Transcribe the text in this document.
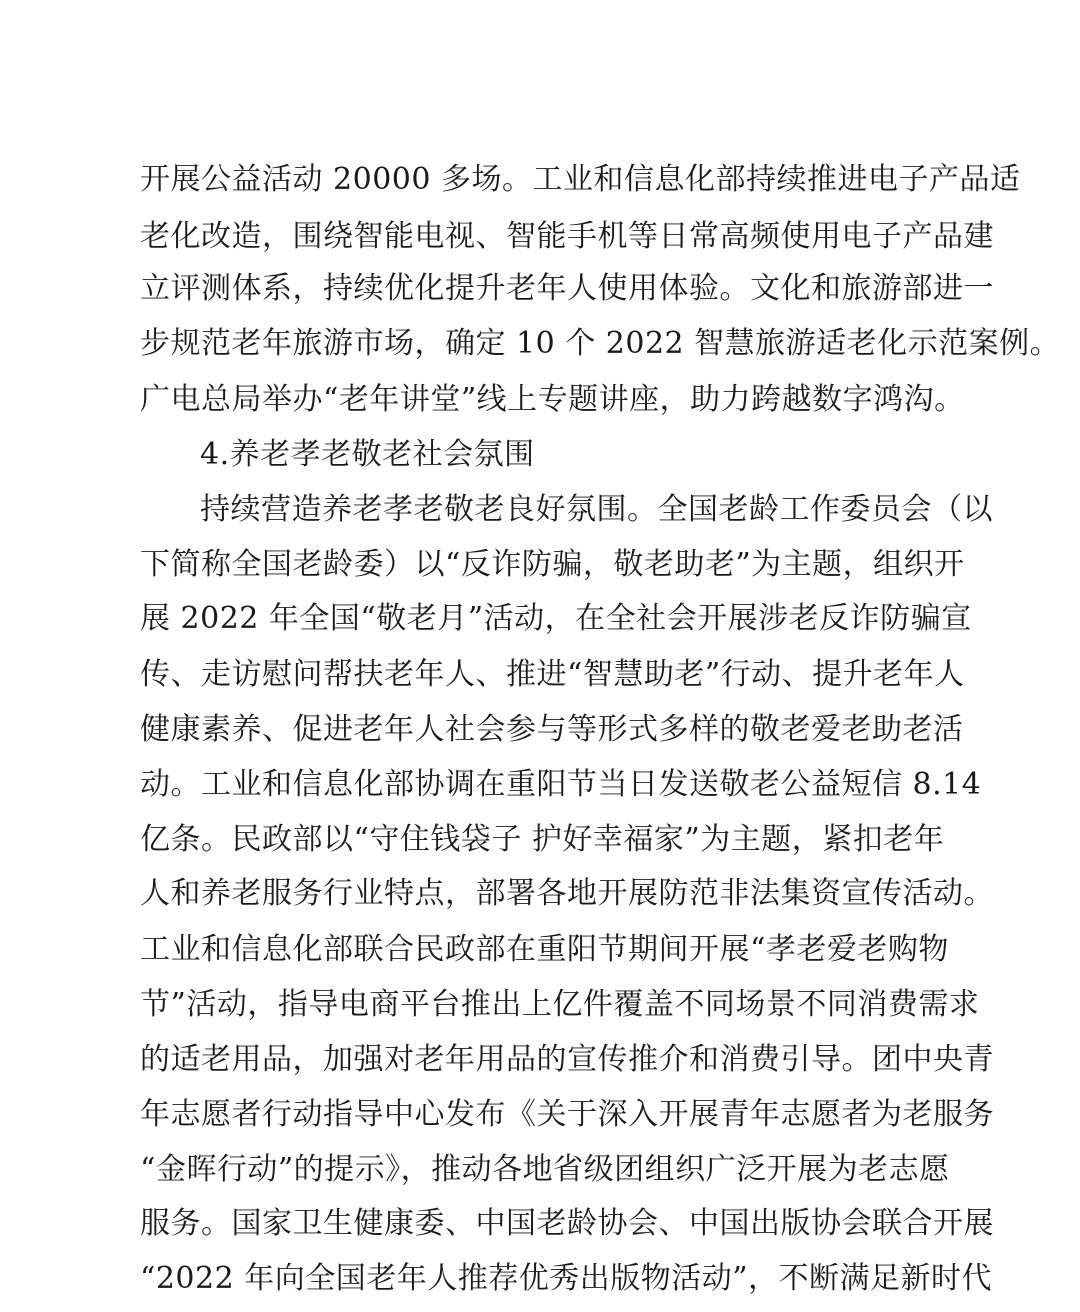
开展公益活动 20000 多场。工业和信息化部持续推进电子产品适
老化改造，围绕智能电视、智能手机等日常高频使用电子产品建
立评测体系，持续优化提升老年人使用体验。文化和旅游部进一
步规范老年旅游市场，确定 10 个 2022 智慧旅游适老化示范案例。
广电总局举办“老年讲堂”线上专题讲座，助力跨越数字鸿沟。
4.养老孝老敬老社会氛围
持续营造养老孝老敬老良好氛围。全国老龄工作委员会（以
下简称全国老龄委）以“反诈防骗，敬老助老”为主题，组织开
展 2022 年全国“敬老月”活动，在全社会开展涉老反诈防骗宣
传、走访慰问帮扶老年人、推进“智慧助老”行动、提升老年人
健康素养、促进老年人社会参与等形式多样的敬老爱老助老活
动。工业和信息化部协调在重阳节当日发送敬老公益短信 8.14
亿条。民政部以“守住钱袋子 护好幸福家”为主题，紧扣老年
人和养老服务行业特点，部署各地开展防范非法集资宣传活动。
工业和信息化部联合民政部在重阳节期间开展“孝老爱老购物
节”活动，指导电商平台推出上亿件覆盖不同场景不同消费需求
的适老用品，加强对老年用品的宣传推介和消费引导。团中央青
年志愿者行动指导中心发布《关于深入开展青年志愿者为老服务
“金晖行动”的提示》，推动各地省级团组织广泛开展为老志愿
服务。国家卫生健康委、中国老龄协会、中国出版协会联合开展
“2022 年向全国老年人推荐优秀出版物活动”，不断满足新时代
